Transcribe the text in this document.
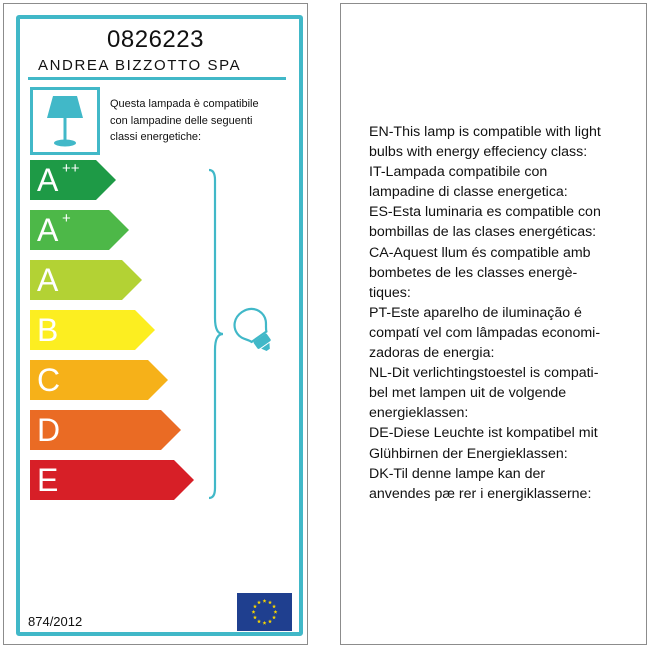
0826223
ANDREA BIZZOTTO SPA
Questa lampada è compatibile
con lampadine delle seguenti
classi energetiche:
A ++
A +
A
B
C
D
E
874/2012
EN-This lamp is compatible with light
bulbs with energy effeciency class:
IT-Lampada compatibile con
lampadine di classe energetica:
ES-Esta luminaria es compatible con
bombillas de las clases energéticas:
CA-Aquest llum és compatible amb
bombetes de les classes energè-
tiques:
PT-Este aparelho de iluminação é
compatí vel com lâmpadas economi-
zadoras de energia:
NL-Dit verlichtingstoestel is compati-
bel met lampen uit de volgende
energieklassen:
DE-Diese Leuchte ist kompatibel mit
Glühbirnen der Energieklassen:
DK-Til denne lampe kan der
anvendes pæ rer i energiklasserne:
